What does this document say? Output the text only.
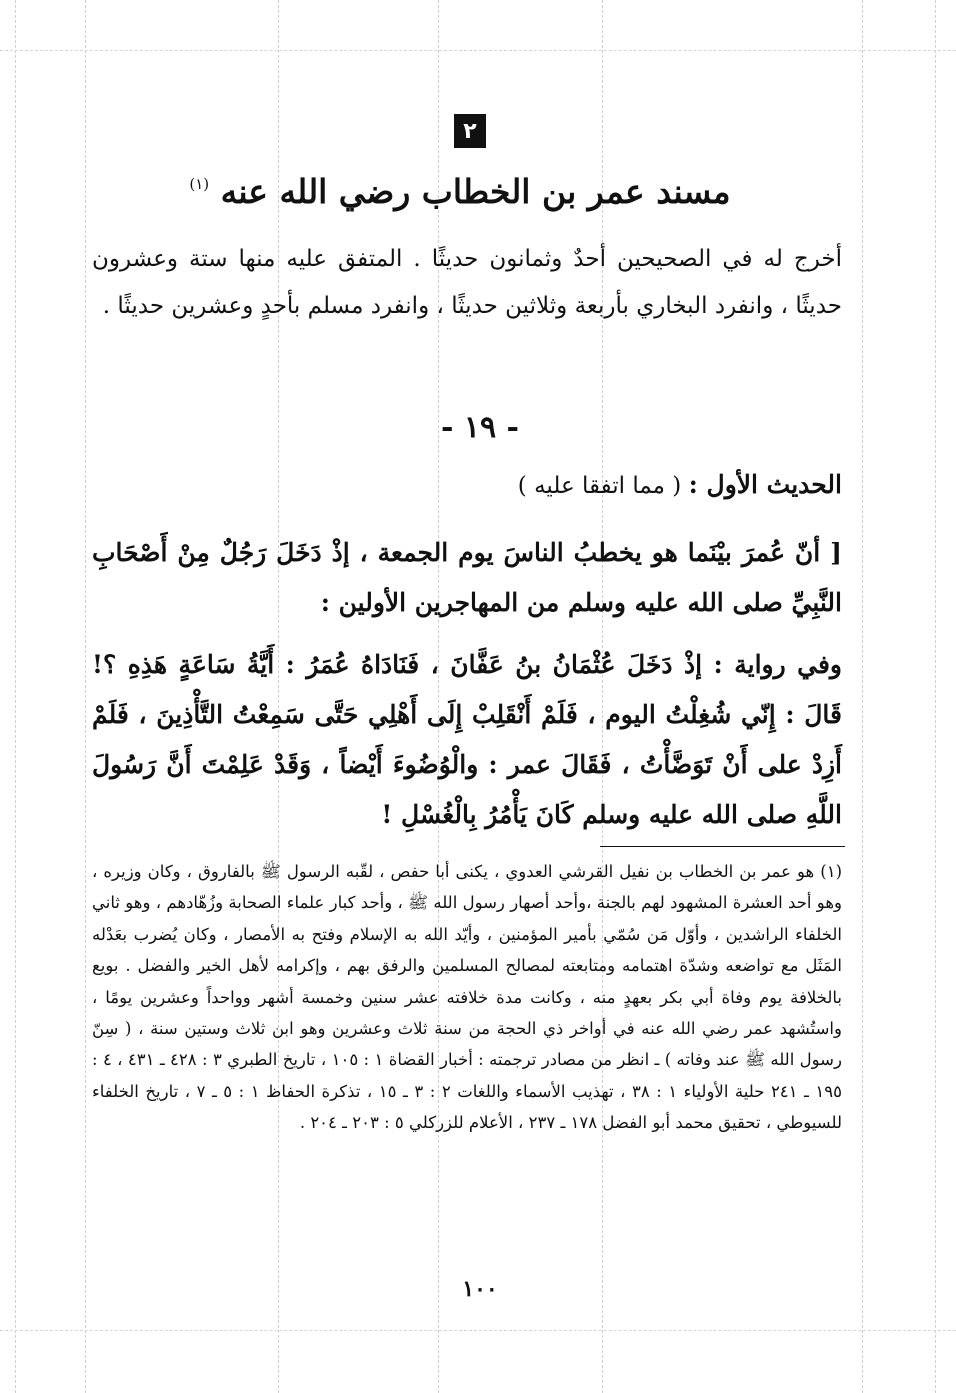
٢
مسند عمر بن الخطاب رضي الله عنه $^{(١)}$

أخرج له في الصحيحين أحدٌ وثمانون حديثًا . المتفق عليه منها ستة وعشرون حديثًا ، وانفرد البخاري بأربعة وثلاثين حديثًا ، وانفرد مسلم بأحدٍ وعشرين حديثًا .

- ١٩ -
الحديث الأول : ( مما اتفقا عليه )

[ أنّ عُمرَ بيْنَما هو يخطبُ الناسَ يوم الجمعة ، إذْ دَخَلَ رَجُلٌ مِنْ أَصْحَابِ النَّبِيِّ صلى الله عليه وسلم من المهاجرين الأولين :

وفي رواية : إذْ دَخَلَ عُثْمَانُ بنُ عَفَّانَ ، فَنَادَاهُ عُمَرُ : أَيَّةُ سَاعَةٍ هَذِهِ ؟! قَالَ : إِنّي شُغِلْتُ اليوم ، فَلَمْ أَنْقَلِبْ إِلَى أَهْلِي حَتَّى سَمِعْتُ التَّأْذِينَ ، فَلَمْ أَزِدْ على أَنْ تَوَضَّأْتُ ، فَقَالَ عمر : والْوُضُوءَ أَيْضاً ، وَقَدْ عَلِمْتَ أَنَّ رَسُولَ اللَّهِ صلى الله عليه وسلم كَانَ يَأْمُرُ بِالْغُسْلِ !

(١) هو عمر بن الخطاب بن نفيل القرشي العدوي ، يكنى أبا حفص ، لقّبه الرسول ﷺ بالفاروق ، وكان وزيره ، وهو أحد العشرة المشهود لهم بالجنة ،وأحد أصهار رسول الله ﷺ ، وأحد كبار علماء الصحابة وزُهّادهم ، وهو ثاني الخلفاء الراشدين ، وأوّل مَن سُمّي بأمير المؤمنين ، وأيّد الله به الإسلام وفتح به الأمصار ، وكان يُضرب بعَدْله المَثَل مع تواضعه وشدّة اهتمامه ومتابعته لمصالح المسلمين والرفق بهم ، وإكرامه لأهل الخير والفضل . بويع بالخلافة يوم وفاة أبي بكر بعهدٍ منه ، وكانت مدة خلافته عشر سنين وخمسة أشهر وواحداً وعشرين يومًا ، واستُشهد عمر رضي الله عنه في أواخر ذي الحجة من سنة ثلاث وعشرين وهو ابن ثلاث وستين سنة ، ( سِنّ رسول الله ﷺ عند وفاته ) ـ انظر من مصادر ترجمته : أخبار القضاة ١ : ١٠٥ ، تاريخ الطبري ٣ : ٤٢٨ ـ ٤٣١ ، ٤ : ١٩٥ ـ ٢٤١ حلية الأولياء ١ : ٣٨ ، تهذيب الأسماء واللغات ٢ : ٣ ـ ١٥ ، تذكرة الحفاظ ١ : ٥ ـ ٧ ، تاريخ الخلفاء للسيوطي ، تحقيق محمد أبو الفضل ١٧٨ ـ ٢٣٧ ، الأعلام للزركلي ٥ : ٢٠٣ ـ ٢٠٤ .

١٠٠
